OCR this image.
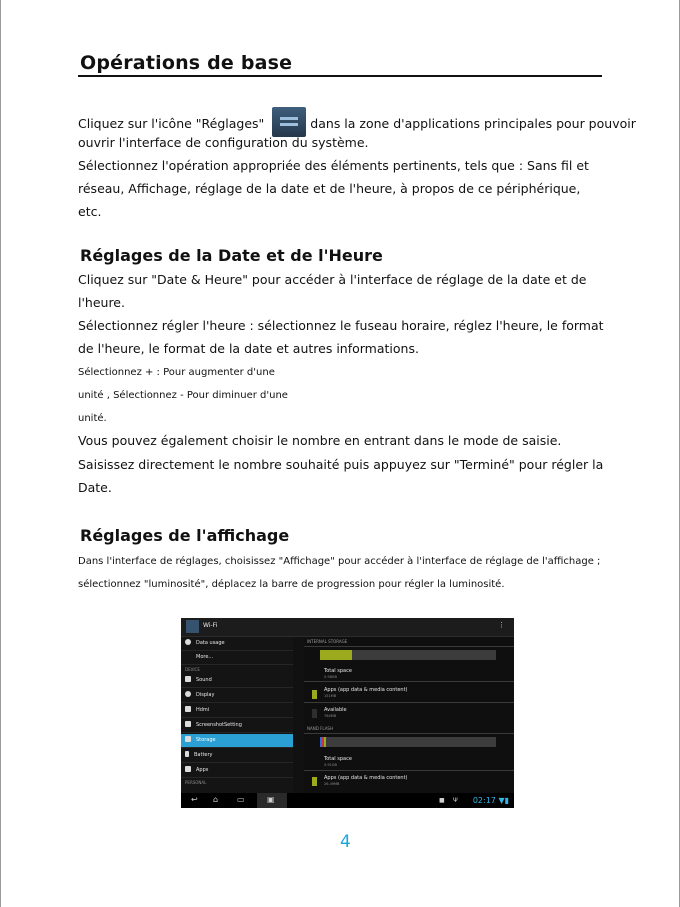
Opérations de base
Cliquez sur l'icône "Réglages"	dans la zone d'applications principales pour pouvoir
ouvrir l'interface de configuration du système.
Sélectionnez l'opération appropriée des éléments pertinents, tels que : Sans fil et
réseau, Affichage, réglage de la date et de l'heure, à propos de ce périphérique,
etc.
Réglages de la Date et de l'Heure
Cliquez sur "Date & Heure" pour accéder à l'interface de réglage de la date et de
l'heure.
Sélectionnez régler l'heure : sélectionnez le fuseau horaire, réglez l'heure, le format
de l'heure, le format de la date et autres informations.
Sélectionnez + : Pour augmenter d'une
unité , Sélectionnez - Pour diminuer d'une
unité.
Vous pouvez également choisir le nombre en entrant dans le mode de saisie.
Saisissez directement le nombre souhaité puis appuyez sur "Terminé" pour régler la
Date.
Réglages de l'affichage
Dans l'interface de réglages, choisissez "Affichage" pour accéder à l'interface de réglage de l'affichage ;
sélectionnez "luminosité", déplacez la barre de progression pour régler la luminosité.
Wi-Fi	⋮
Data usage
More...
DEVICE
Sound
Display
Hdmi
ScreenshotSetting
Storage
Battery
Apps
PERSONAL
INTERNAL STORAGE
Total space
0.98GB
Apps (app data & media content)
151MB
Available
764MB
NAND FLASH
Total space
5.91GB
Apps (app data & media content)
26.49MB
↩ ⌂ ▭	▣	■ Ψ 02:17 ▼▮
4
